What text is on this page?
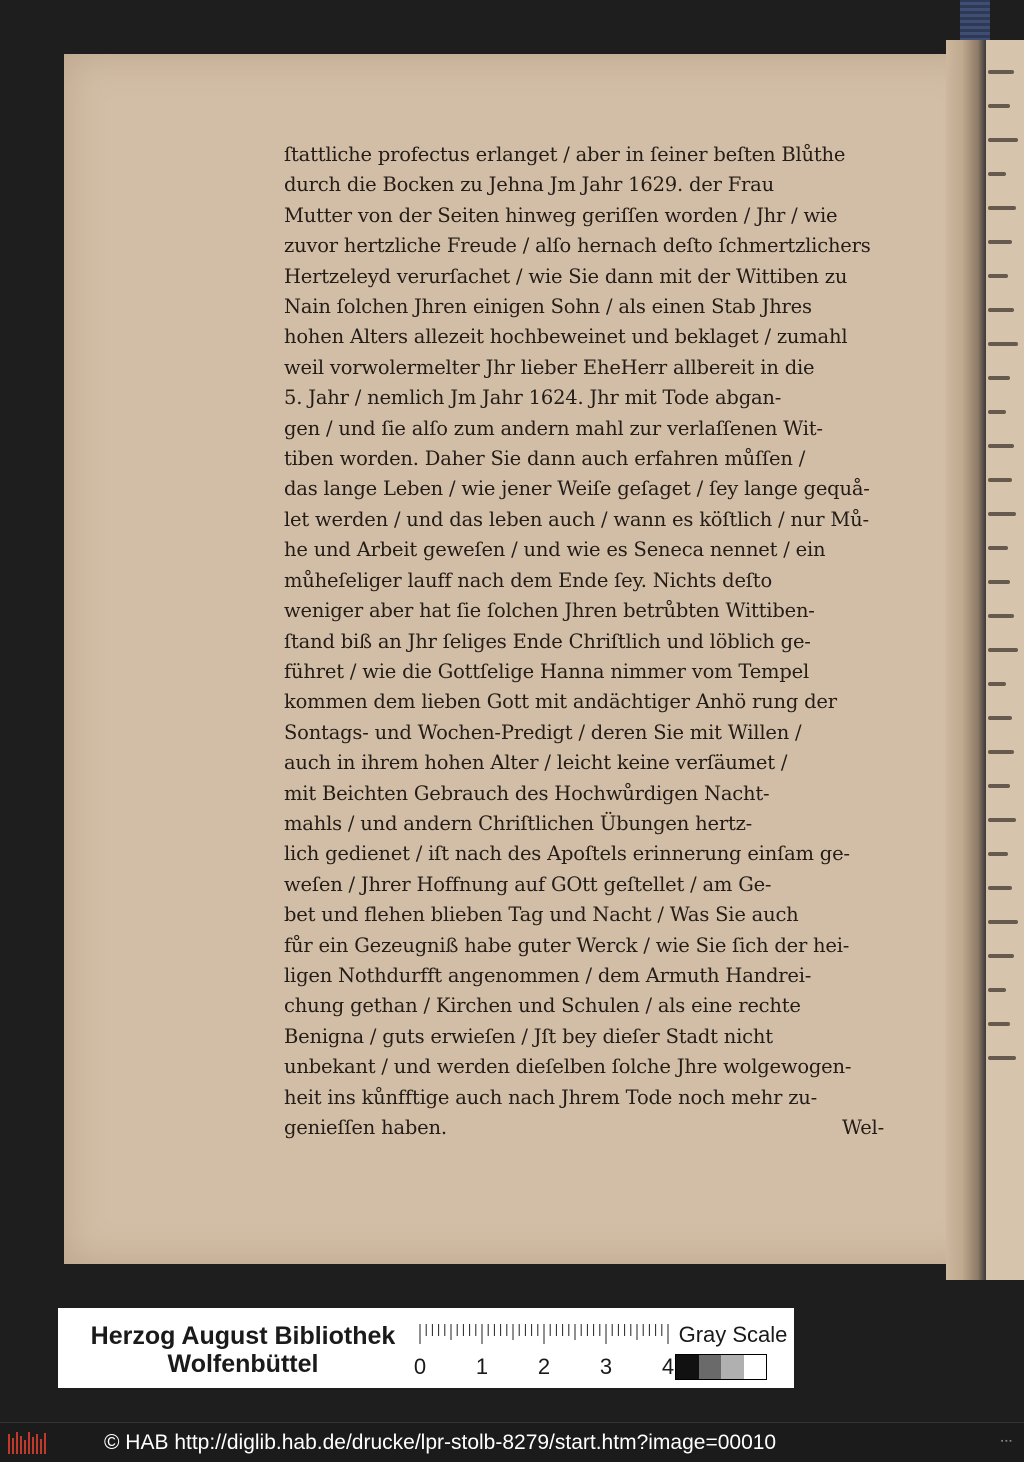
ſtattliche profectus erlanget / aber in ſeiner beſten Blůthe
durch die Bocken zu Jehna Jm Jahr 1629. der Frau
Mutter von der Seiten hinweg geriſſen worden / Jhr / wie
zuvor hertzliche Freude / alſo hernach deſto ſchmertzlichers
Hertzeleyd verurſachet / wie Sie dann mit der Wittiben zu
Nain ſolchen Jhren einigen Sohn / als einen Stab Jhres
hohen Alters allezeit hochbeweinet und beklaget / zumahl
weil vorwolermelter Jhr lieber EheHerr allbereit in die
5. Jahr / nemlich Jm Jahr 1624. Jhr mit Tode abgan-
gen / und ſie alſo zum andern mahl zur verlaſſenen Wit-
tiben worden. Daher Sie dann auch erfahren můſſen /
das lange Leben / wie jener Weiſe geſaget / ſey lange gequå-
let werden / und das leben auch / wann es köſtlich / nur Mů-
he und Arbeit geweſen / und wie es Seneca nennet / ein
můheſeliger lauff nach dem Ende ſey. Nichts deſto
weniger aber hat ſie ſolchen Jhren betrůbten Wittiben-
ſtand biß an Jhr ſeliges Ende Chriſtlich und löblich ge-
führet / wie die Gottſelige Hanna nimmer vom Tempel
kommen dem lieben Gott mit andächtiger Anhö rung der
Sontags- und Wochen-Predigt / deren Sie mit Willen /
auch in ihrem hohen Alter / leicht keine verſäumet /
mit Beichten Gebrauch des Hochwůrdigen Nacht-
mahls / und andern Chriſtlichen Übungen hertz-
lich gedienet / iſt nach des Apoſtels erinnerung einſam ge-
weſen / Jhrer Hoffnung auf GOtt geſtellet / am Ge-
bet und flehen blieben Tag und Nacht / Was Sie auch
fůr ein Gezeugniß habe guter Werck / wie Sie ſich der hei-
ligen Nothdurfft angenommen / dem Armuth Handrei-
chung gethan / Kirchen und Schulen / als eine rechte
Benigna / guts erwieſen / Jſt bey dieſer Stadt nicht
unbekant / und werden dieſelben ſolche Jhre wolgewogen-
heit ins kůnfftige auch nach Jhrem Tode noch mehr zu-
genieſſen haben.	Wel-
Herzog August Bibliothek
Wolfenbüttel	0 1 2 3 4
Gray Scale
© HAB http://diglib.hab.de/drucke/lpr-stolb-8279/start.htm?image=00010	▪▪▪
